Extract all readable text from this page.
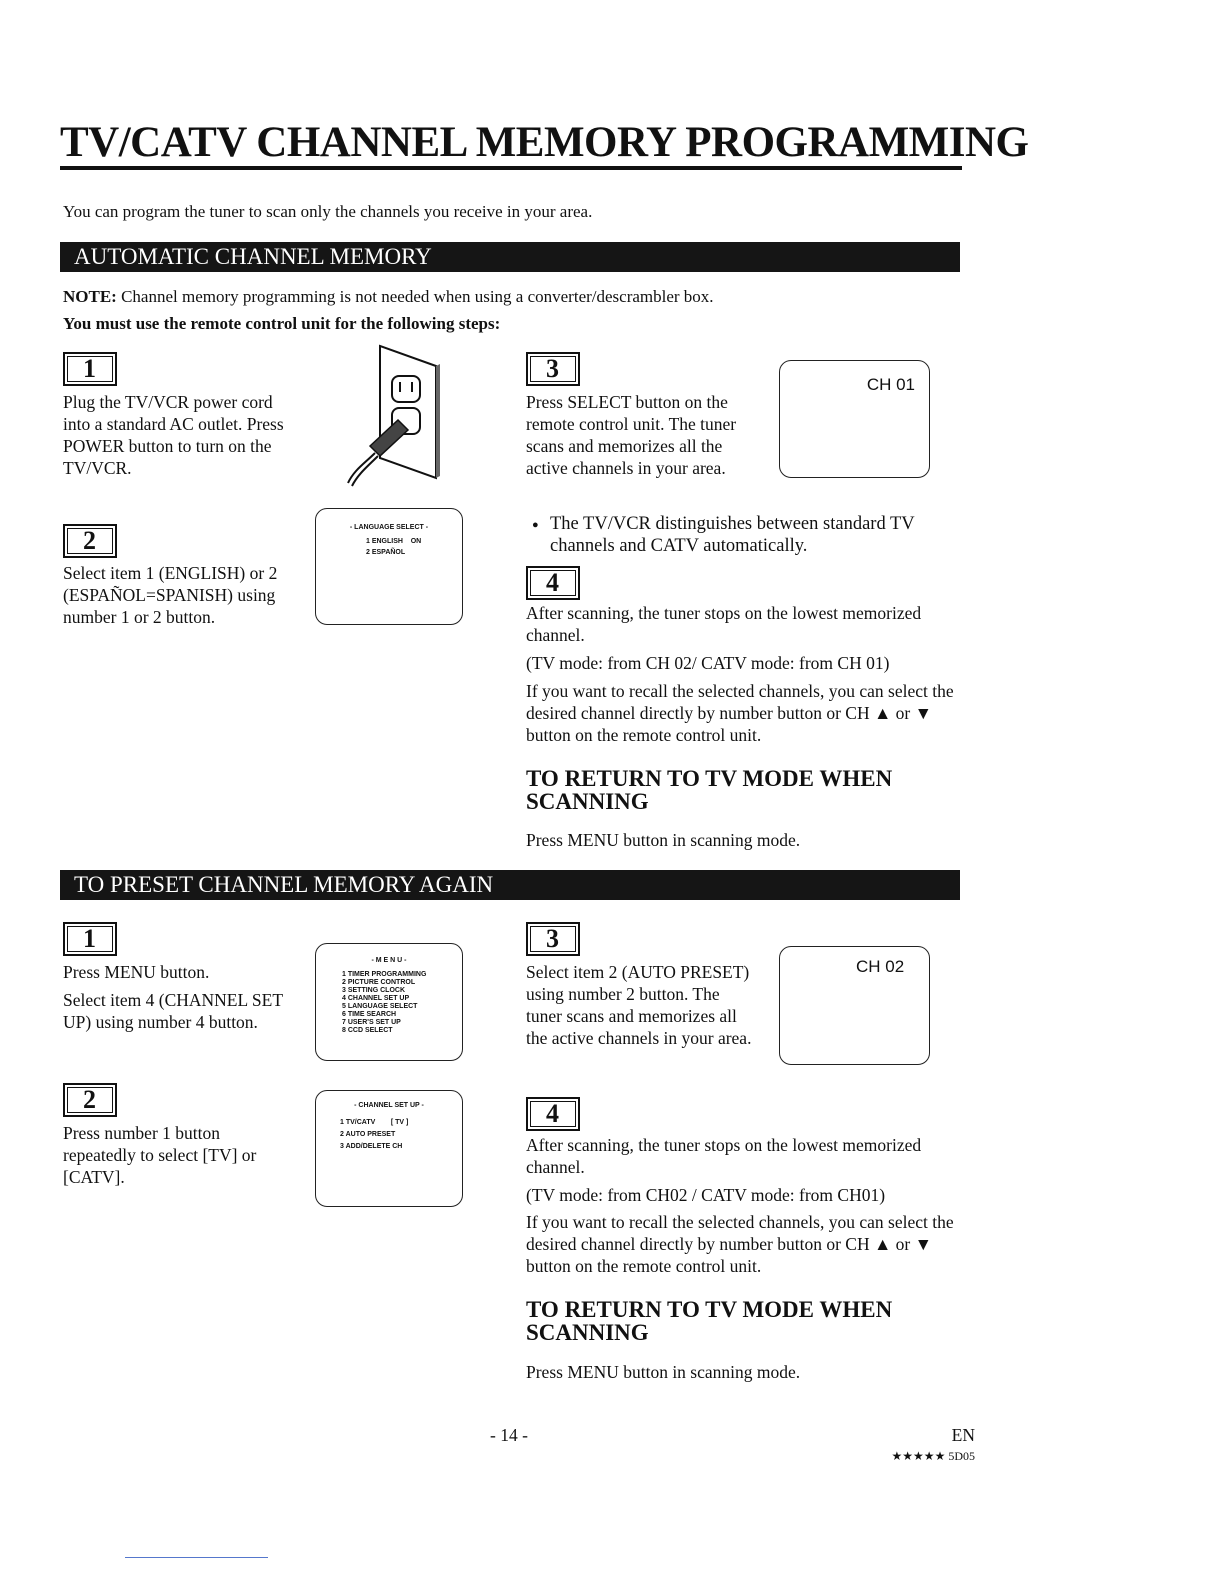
TV/CATV CHANNEL MEMORY PROGRAMMING
You can program the tuner to scan only the channels you receive in your area.
AUTOMATIC CHANNEL MEMORY
NOTE: Channel memory programming is not needed when using a converter/descrambler box.
You must use the remote control unit for the following steps:
1
Plug the TV/VCR power cord into a standard AC outlet. Press POWER button to turn on the TV/VCR.
2
Select item 1 (ENGLISH) or 2 (ESPAÑOL=SPANISH) using number 1 or 2 button.
- LANGUAGE SELECT -
1 ENGLISH    ON
2 ESPAÑOL
3
Press SELECT button on the remote control unit. The tuner scans and memorizes all the active channels in your area.
CH 01
● The TV/VCR distinguishes between standard TV channels and CATV automatically.
4
After scanning, the tuner stops on the lowest memorized channel.
(TV mode: from CH 02/ CATV mode: from CH 01)
If you want to recall the selected channels, you can select the desired channel directly by number button or CH ▲ or ▼ button on the remote control unit.
TO RETURN TO TV MODE WHEN SCANNING
Press MENU button in scanning mode.
TO PRESET CHANNEL MEMORY AGAIN
1
Press MENU button.
Select item 4 (CHANNEL SET UP) using number 4 button.
- M E N U -
1 TIMER PROGRAMMING
2 PICTURE CONTROL
3 SETTING CLOCK
4 CHANNEL SET UP
5 LANGUAGE SELECT
6 TIME SEARCH
7 USER'S SET UP
8 CCD SELECT
2
Press number 1 button repeatedly to select [TV] or [CATV].
- CHANNEL SET UP -
1 TV/CATV        [ TV ]
2 AUTO PRESET
3 ADD/DELETE CH
3
Select item 2 (AUTO PRESET) using number 2 button. The tuner scans and memorizes all the active channels in your area.
CH 02
4
After scanning, the tuner stops on the lowest memorized channel.
(TV mode: from CH02 / CATV mode: from CH01)
If you want to recall the selected channels, you can select the desired channel directly by number button or CH ▲ or ▼ button on the remote control unit.
TO RETURN TO TV MODE WHEN SCANNING
Press MENU button in scanning mode.
- 14 -	EN
★★★★★ 5D05
